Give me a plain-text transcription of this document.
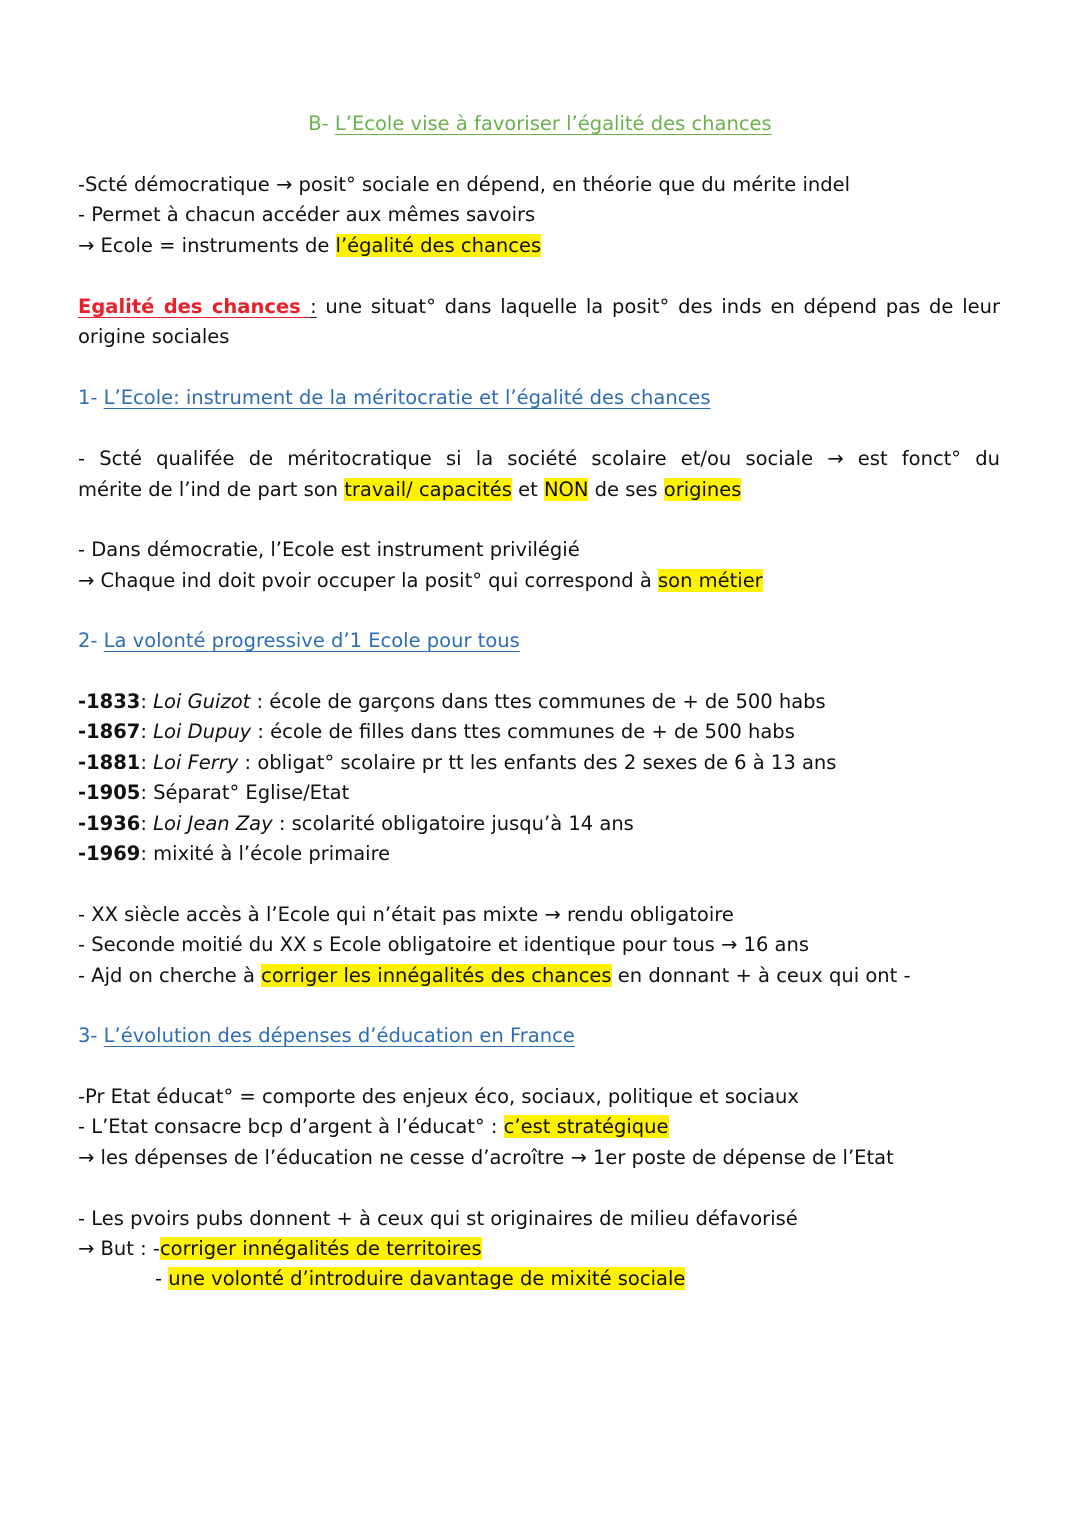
B- L’Ecole vise à favoriser l’égalité des chances
-Scté démocratique → posit° sociale en dépend, en théorie que du mérite indel
- Permet à chacun accéder aux mêmes savoirs
→ Ecole = instruments de l’égalité des chances
Egalité des chances : une situat° dans laquelle la posit° des inds en dépend pas de leur
origine sociales
1- L’Ecole: instrument de la méritocratie et l’égalité des chances
- Scté qualifée de méritocratique si la société scolaire et/ou sociale → est fonct° du
mérite de l’ind de part son travail/ capacités et NON de ses origines
- Dans démocratie, l’Ecole est instrument privilégié
→ Chaque ind doit pvoir occuper la posit° qui correspond à son métier
2- La volonté progressive d’1 Ecole pour tous
-1833: Loi Guizot : école de garçons dans ttes communes de + de 500 habs
-1867: Loi Dupuy : école de filles dans ttes communes de + de 500 habs
-1881: Loi Ferry : obligat° scolaire pr tt les enfants des 2 sexes de 6 à 13 ans
-1905: Séparat° Eglise/Etat
-1936: Loi Jean Zay : scolarité obligatoire jusqu’à 14 ans
-1969: mixité à l’école primaire
- XX siècle accès à l’Ecole qui n’était pas mixte → rendu obligatoire
- Seconde moitié du XX s Ecole obligatoire et identique pour tous → 16 ans
- Ajd on cherche à corriger les innégalités des chances en donnant + à ceux qui ont -
3- L’évolution des dépenses d’éducation en France
-Pr Etat éducat° = comporte des enjeux éco, sociaux, politique et sociaux
- L’Etat consacre bcp d’argent à l’éducat° : c’est stratégique
→ les dépenses de l’éducation ne cesse d’acroître → 1er poste de dépense de l’Etat
- Les pvoirs pubs donnent + à ceux qui st originaires de milieu défavorisé
→ But : -corriger innégalités de territoires
- une volonté d’introduire davantage de mixité sociale
